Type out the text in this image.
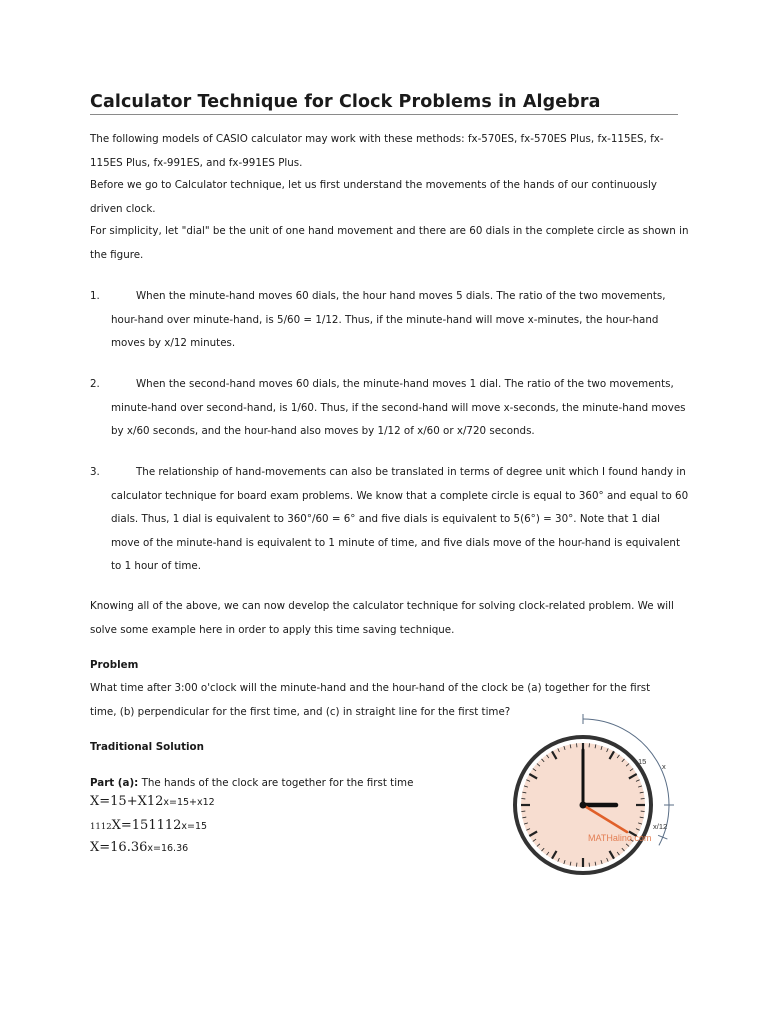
Calculator Technique for Clock Problems in Algebra
The following models of CASIO calculator may work with these methods: fx-570ES, fx-570ES Plus, fx-115ES, fx-115ES Plus, fx-991ES, and fx-991ES Plus.
Before we go to Calculator technique, let us first understand the movements of the hands of our continuously driven clock.
For simplicity, let "dial" be the unit of one hand movement and there are 60 dials in the complete circle as shown in the figure.
1.	When the minute-hand moves 60 dials, the hour hand moves 5 dials. The ratio of the two movements, hour-hand over minute-hand, is 5/60 = 1/12. Thus, if the minute-hand will move x-minutes, the hour-hand moves by x/12 minutes.
2.	When the second-hand moves 60 dials, the minute-hand moves 1 dial. The ratio of the two movements, minute-hand over second-hand, is 1/60. Thus, if the second-hand will move x-seconds, the minute-hand moves by x/60 seconds, and the hour-hand also moves by 1/12 of x/60 or x/720 seconds.
3.	The relationship of hand-movements can also be translated in terms of degree unit which I found handy in calculator technique for board exam problems. We know that a complete circle is equal to 360° and equal to 60 dials. Thus, 1 dial is equivalent to 360°/60 = 6° and five dials is equivalent to 5(6°) = 30°. Note that 1 dial move of the minute-hand is equivalent to 1 minute of time, and five dials move of the hour-hand is equivalent to 1 hour of time.
Knowing all of the above, we can now develop the calculator technique for solving clock-related problem. We will solve some example here in order to apply this time saving technique.
Problem
What time after 3:00 o'clock will the minute-hand and the hour-hand of the clock be (a) together for the first time, (b) perpendicular for the first time, and (c) in straight line for the first time?
Traditional Solution
Part (a): The hands of the clock are together for the first time
X=15+X12x=15+x12
1112X=151112x=15
X=16.36x=16.36
MATHalino.com
15
x
x/12
